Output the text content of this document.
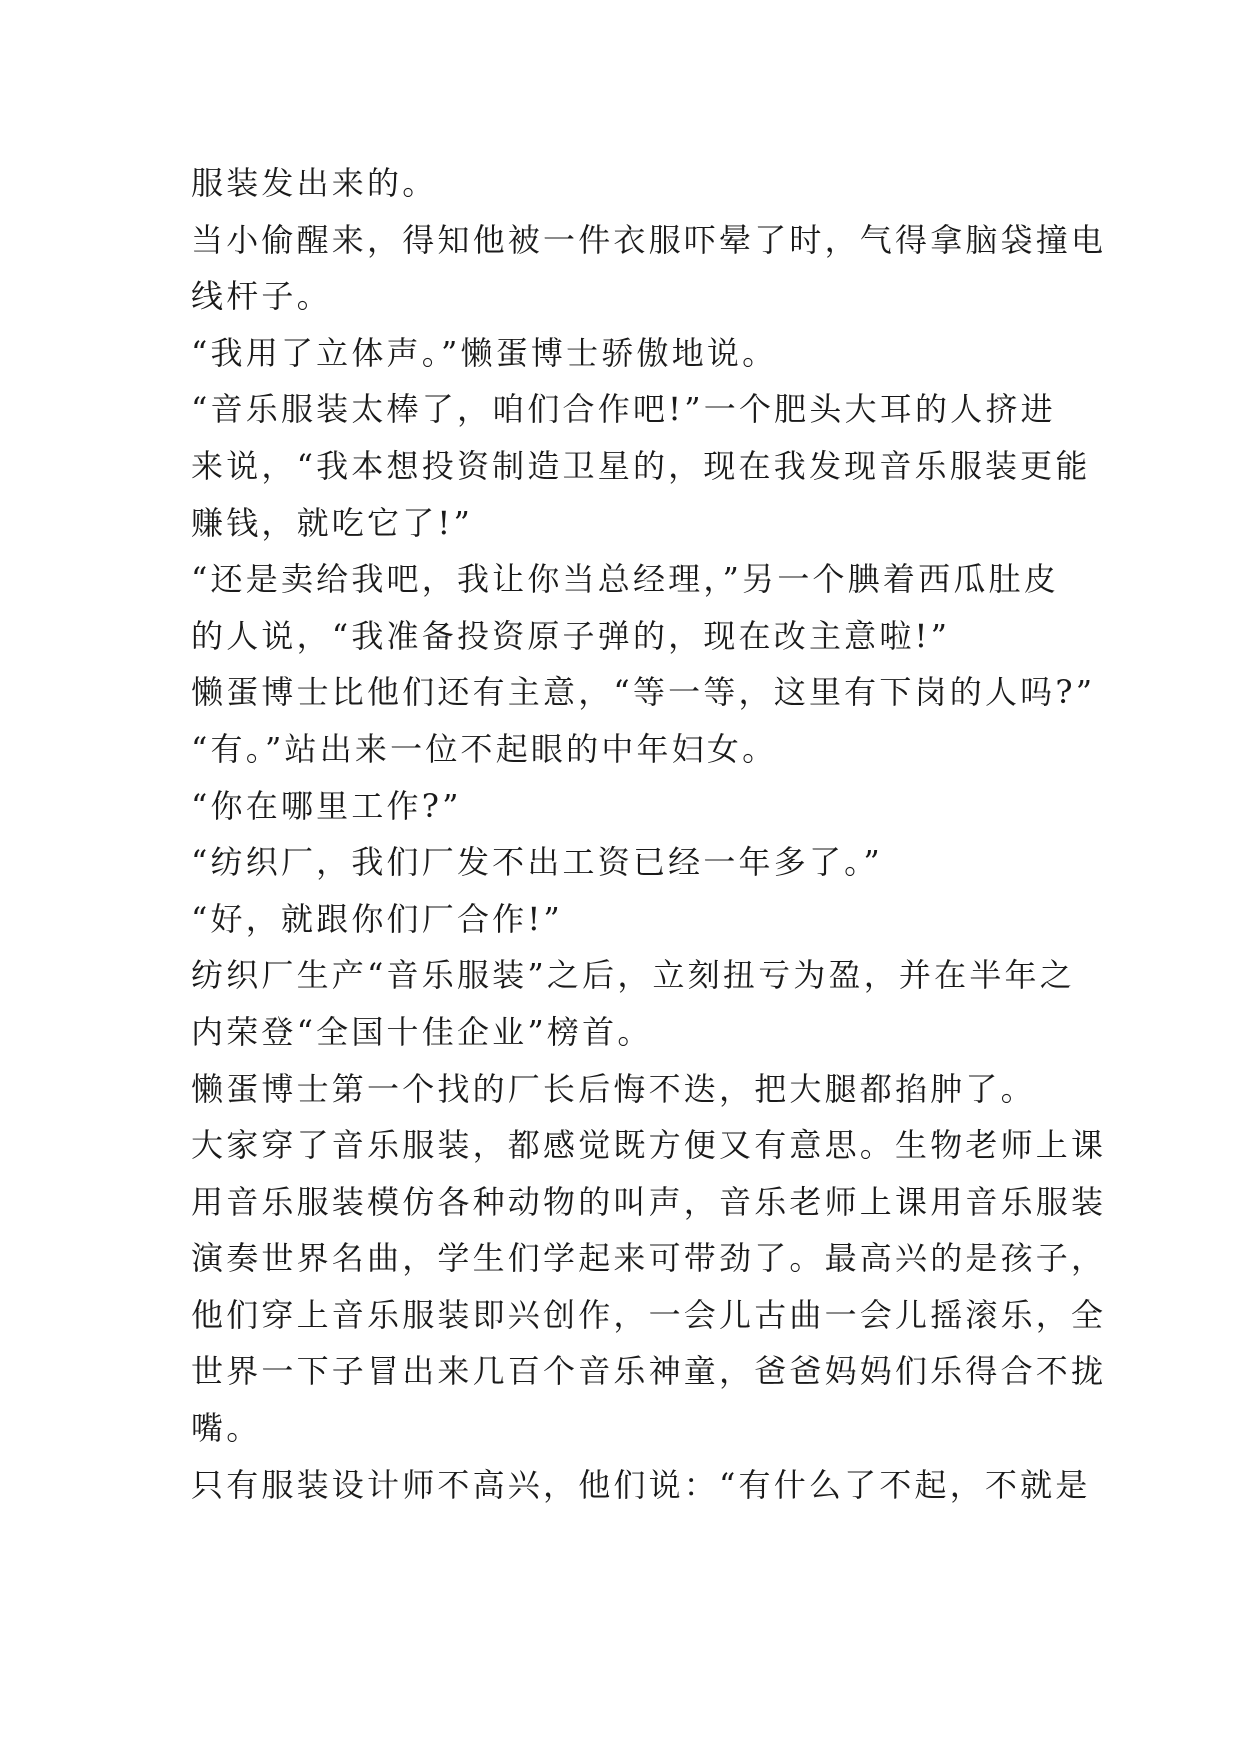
服装发出来的。
当小偷醒来，得知他被一件衣服吓晕了时，气得拿脑袋撞电
线杆子。
“我用了立体声。”懒蛋博士骄傲地说。
“音乐服装太棒了，咱们合作吧!”一个肥头大耳的人挤进
来说，“我本想投资制造卫星的，现在我发现音乐服装更能
赚钱，就吃它了!”
“还是卖给我吧，我让你当总经理，”另一个腆着西瓜肚皮
的人说，“我准备投资原子弹的，现在改主意啦!”
懒蛋博士比他们还有主意，“等一等，这里有下岗的人吗?”
“有。”站出来一位不起眼的中年妇女。
“你在哪里工作?”
“纺织厂，我们厂发不出工资已经一年多了。”
“好，就跟你们厂合作!”
纺织厂生产“音乐服装”之后，立刻扭亏为盈，并在半年之
内荣登“全国十佳企业”榜首。
懒蛋博士第一个找的厂长后悔不迭，把大腿都掐肿了。
大家穿了音乐服装，都感觉既方便又有意思。生物老师上课
用音乐服装模仿各种动物的叫声，音乐老师上课用音乐服装
演奏世界名曲，学生们学起来可带劲了。最高兴的是孩子，
他们穿上音乐服装即兴创作，一会儿古曲一会儿摇滚乐，全
世界一下子冒出来几百个音乐神童，爸爸妈妈们乐得合不拢
嘴。
只有服装设计师不高兴，他们说：“有什么了不起，不就是
